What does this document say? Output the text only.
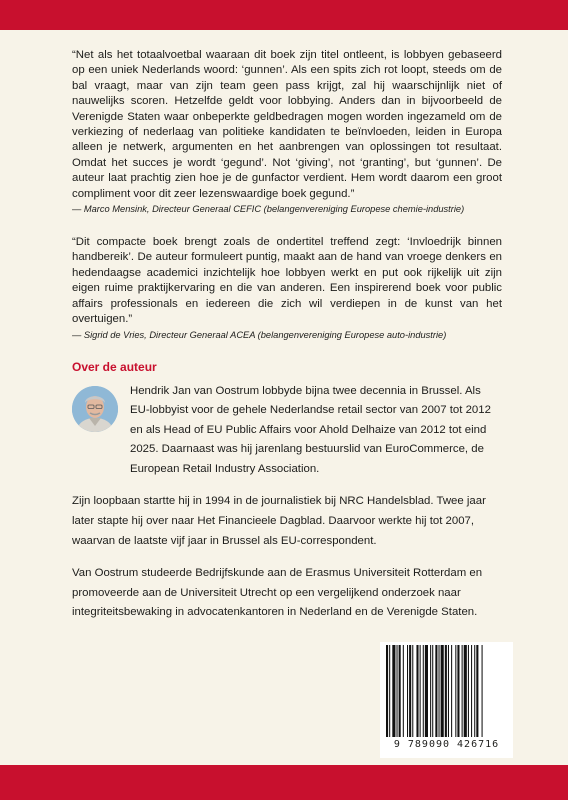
“Net als het totaalvoetbal waaraan dit boek zijn titel ontleent, is lobbyen gebaseerd op een uniek Nederlands woord: ‘gunnen’. Als een spits zich rot loopt, steeds om de bal vraagt, maar van zijn team geen pass krijgt, zal hij waarschijnlijk niet of nauwelijks scoren. Hetzelfde geldt voor lobbying. Anders dan in bijvoorbeeld de Verenigde Staten waar onbeperkte geldbedragen mogen worden ingezameld om de verkiezing of nederlaag van politieke kandidaten te beïnvloeden, leiden in Europa alleen je netwerk, argumenten en het aanbrengen van oplossingen tot resultaat. Omdat het succes je wordt ‘gegund’. Not ‘giving’, not ‘granting’, but ‘gunnen’. De auteur laat prachtig zien hoe je de gunfactor verdient. Hem wordt daarom een groot compliment voor dit zeer lezenswaardige boek gegund.”

— Marco Mensink, Directeur Generaal CEFIC (belangenvereniging Europese chemie-industrie)

“Dit compacte boek brengt zoals de ondertitel treffend zegt: ‘Invloedrijk binnen handbereik’. De auteur formuleert puntig, maakt aan de hand van vroege denkers en hedendaagse academici inzichtelijk hoe lobbyen werkt en put ook rijkelijk uit zijn eigen ruime praktijkervaring en die van anderen. Een inspirerend boek voor public affairs professionals en iedereen die zich wil verdiepen in de kunst van het overtuigen.”

— Sigrid de Vries, Directeur Generaal ACEA (belangenvereniging Europese auto-industrie)

Over de auteur

Hendrik Jan van Oostrum lobbyde bijna twee decennia in Brussel. Als EU-lobbyist voor de gehele Nederlandse retail sector van 2007 tot 2012 en als Head of EU Public Affairs voor Ahold Delhaize van 2012 tot eind 2025. Daarnaast was hij jarenlang bestuurslid van EuroCommerce, de European Retail Industry Association.

Zijn loopbaan startte hij in 1994 in de journalistiek bij NRC Handelsblad. Twee jaar later stapte hij over naar Het Financieele Dagblad. Daarvoor werkte hij tot 2007, waarvan de laatste vijf jaar in Brussel als EU-correspondent.

Van Oostrum studeerde Bedrijfskunde aan de Erasmus Universiteit Rotterdam en promoveerde aan de Universiteit Utrecht op een vergelijkend onderzoek naar integriteitsbewaking in advocatenkantoren in Nederland en de Verenigde Staten.

9 789090 426716
